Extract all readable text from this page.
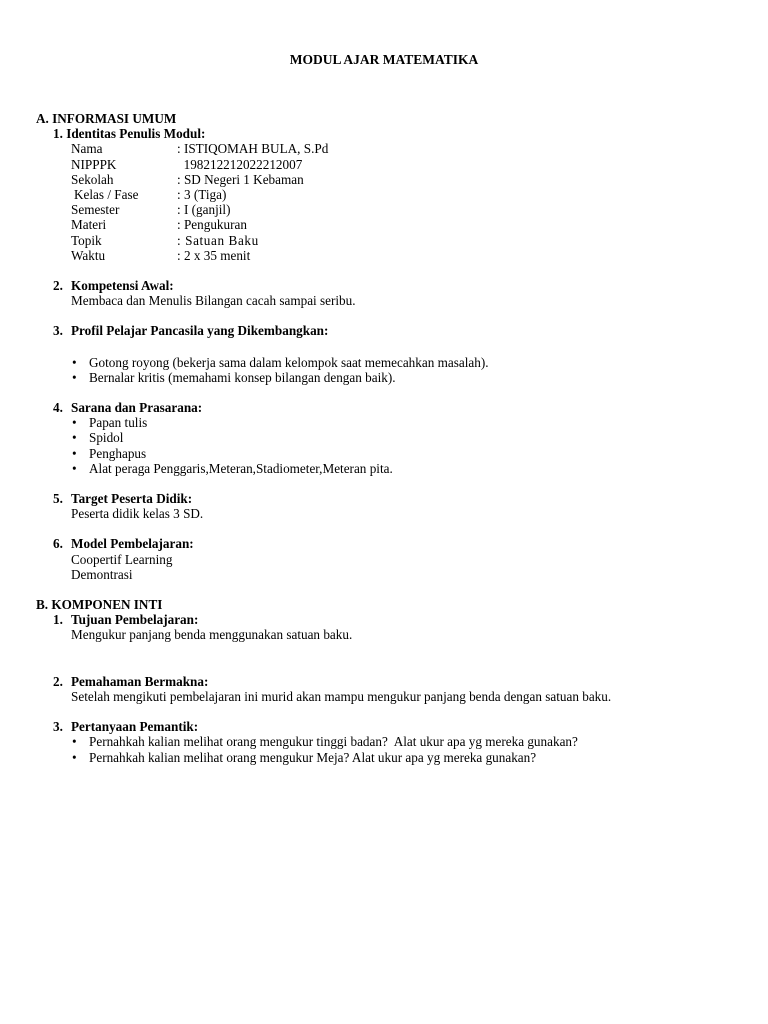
MODUL AJAR MATEMATIKA
A. INFORMASI UMUM
1. Identitas Penulis Modul:
Nama	: ISTIQOMAH BULA, S.Pd
NIPPPK	198212212022212007
Sekolah	: SD Negeri 1 Kebaman
Kelas / Fase	: 3 (Tiga)
Semester	: I (ganjil)
Materi	: Pengukuran
Topik	: Satuan Baku
Waktu	: 2 x 35 menit
2. Kompetensi Awal:
Membaca dan Menulis Bilangan cacah sampai seribu.
3. Profil Pelajar Pancasila yang Dikembangkan:
• Gotong royong (bekerja sama dalam kelompok saat memecahkan masalah).
• Bernalar kritis (memahami konsep bilangan dengan baik).
4. Sarana dan Prasarana:
• Papan tulis
• Spidol
• Penghapus
• Alat peraga Penggaris,Meteran,Stadiometer,Meteran pita.
5. Target Peserta Didik:
Peserta didik kelas 3 SD.
6. Model Pembelajaran:
Coopertif Learning
Demontrasi
B. KOMPONEN INTI
1. Tujuan Pembelajaran:
Mengukur panjang benda menggunakan satuan baku.
2. Pemahaman Bermakna:
Setelah mengikuti pembelajaran ini murid akan mampu mengukur panjang benda dengan satuan baku.
3. Pertanyaan Pemantik:
• Pernahkah kalian melihat orang mengukur tinggi badan?  Alat ukur apa yg mereka gunakan?
• Pernahkah kalian melihat orang mengukur Meja? Alat ukur apa yg mereka gunakan?
